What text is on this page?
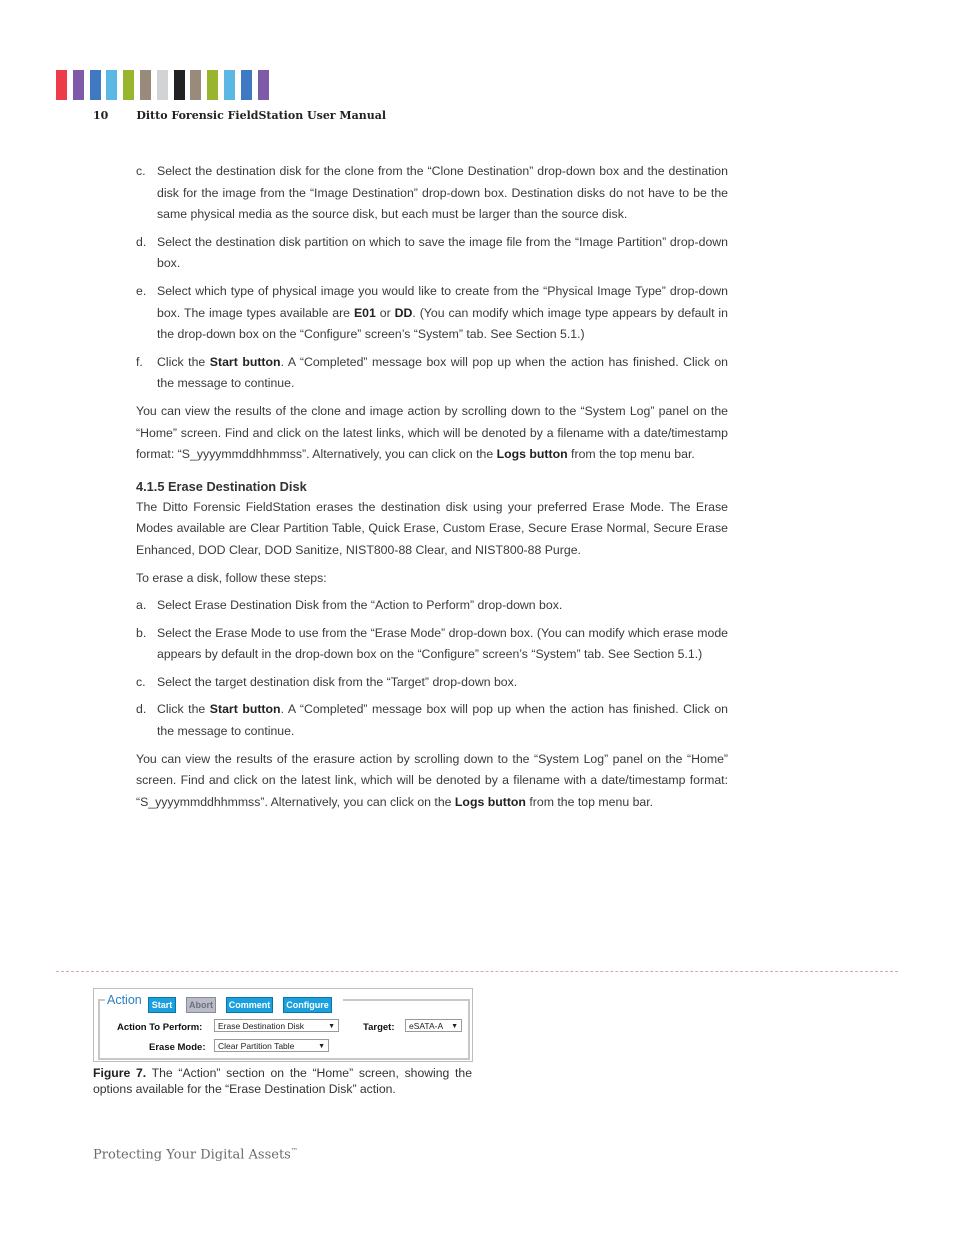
10	Ditto Forensic FieldStation User Manual
c. Select the destination disk for the clone from the “Clone Destination” drop-down box and the destination disk for the image from the “Image Destination” drop-down box. Destination disks do not have to be the same physical media as the source disk, but each must be larger than the source disk.
d. Select the destination disk partition on which to save the image file from the “Image Partition” drop-down box.
e. Select which type of physical image you would like to create from the “Physical Image Type” drop-down box. The image types available are E01 or DD. (You can modify which image type appears by default in the drop-down box on the “Configure” screen’s “System” tab. See Section 5.1.)
f. Click the Start button. A “Completed” message box will pop up when the action has finished. Click on the message to continue.

You can view the results of the clone and image action by scrolling down to the “System Log” panel on the “Home” screen. Find and click on the latest links, which will be denoted by a filename with a date/timestamp format: “S_yyyymmddhhmmss”. Alternatively, you can click on the Logs button from the top menu bar.

4.1.5 Erase Destination Disk

The Ditto Forensic FieldStation erases the destination disk using your preferred Erase Mode. The Erase Modes available are Clear Partition Table, Quick Erase, Custom Erase, Secure Erase Normal, Secure Erase Enhanced, DOD Clear, DOD Sanitize, NIST800-88 Clear, and NIST800-88 Purge.

To erase a disk, follow these steps:

a. Select Erase Destination Disk from the “Action to Perform” drop-down box.
b. Select the Erase Mode to use from the “Erase Mode” drop-down box. (You can modify which erase mode appears by default in the drop-down box on the “Configure” screen’s “System” tab. See Section 5.1.)
c. Select the target destination disk from the “Target” drop-down box.
d. Click the Start button. A “Completed” message box will pop up when the action has finished. Click on the message to continue.

You can view the results of the erasure action by scrolling down to the “System Log” panel on the “Home” screen. Find and click on the latest link, which will be denoted by a filename with a date/timestamp format: “S_yyyymmddhhmmss”. Alternatively, you can click on the Logs button from the top menu bar.

Action To Perform:	Erase Destination Disk	▼
Erase Mode:	Clear Partition Table	▼
Target:	eSATA-A ▼
Action	Start	Abort	Comment	Configure
Figure 7. The “Action” section on the “Home” screen, showing the options available for the “Erase Destination Disk” action.
Protecting Your Digital Assets™
